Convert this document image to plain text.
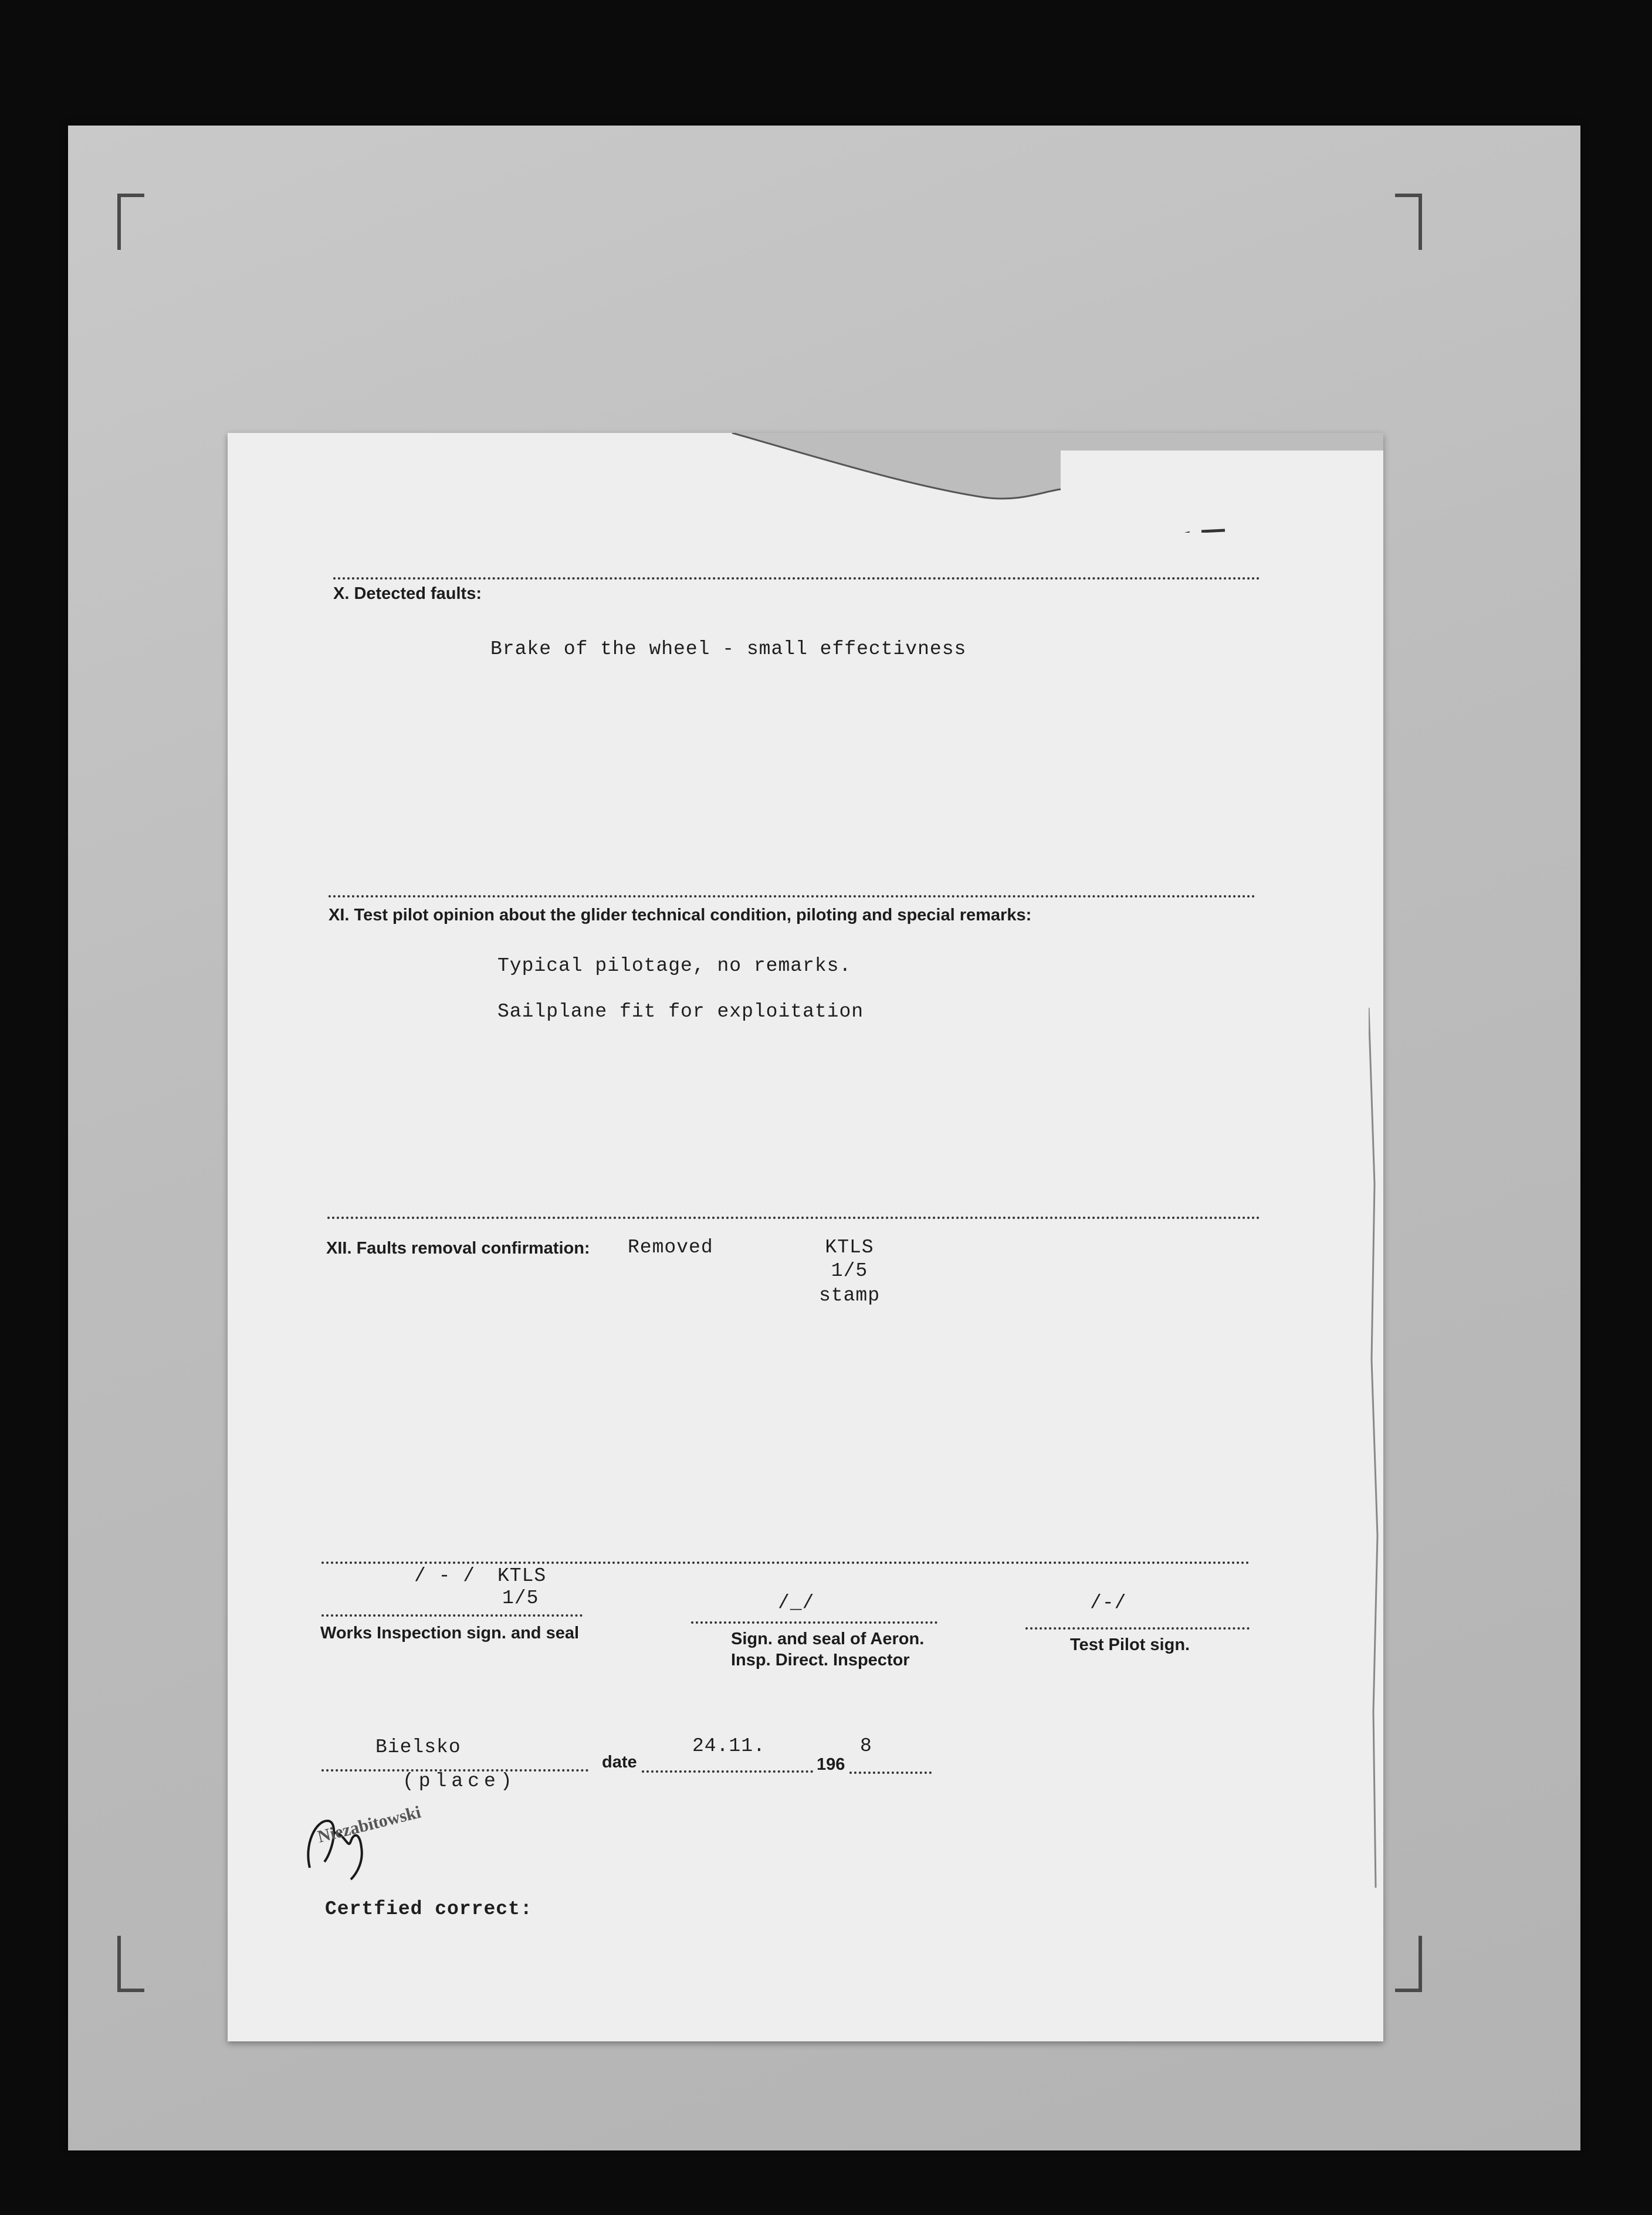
X. Detected faults:
Brake of the wheel - small effectivness
XI. Test pilot opinion about the glider technical condition, piloting and special remarks:
Typical pilotage, no remarks.
Sailplane fit for exploitation
XII. Faults removal confirmation: Removed	KTLS
1/5
stamp
/ - / KTLS
1/5
Works Inspection sign. and seal
/_/
Sign. and seal of Aeron.
Insp. Direct. Inspector
/-/
Test Pilot sign.
Bielsko
(place)
date
24.11.
196
8
Niezabitowski
Certfied correct:
